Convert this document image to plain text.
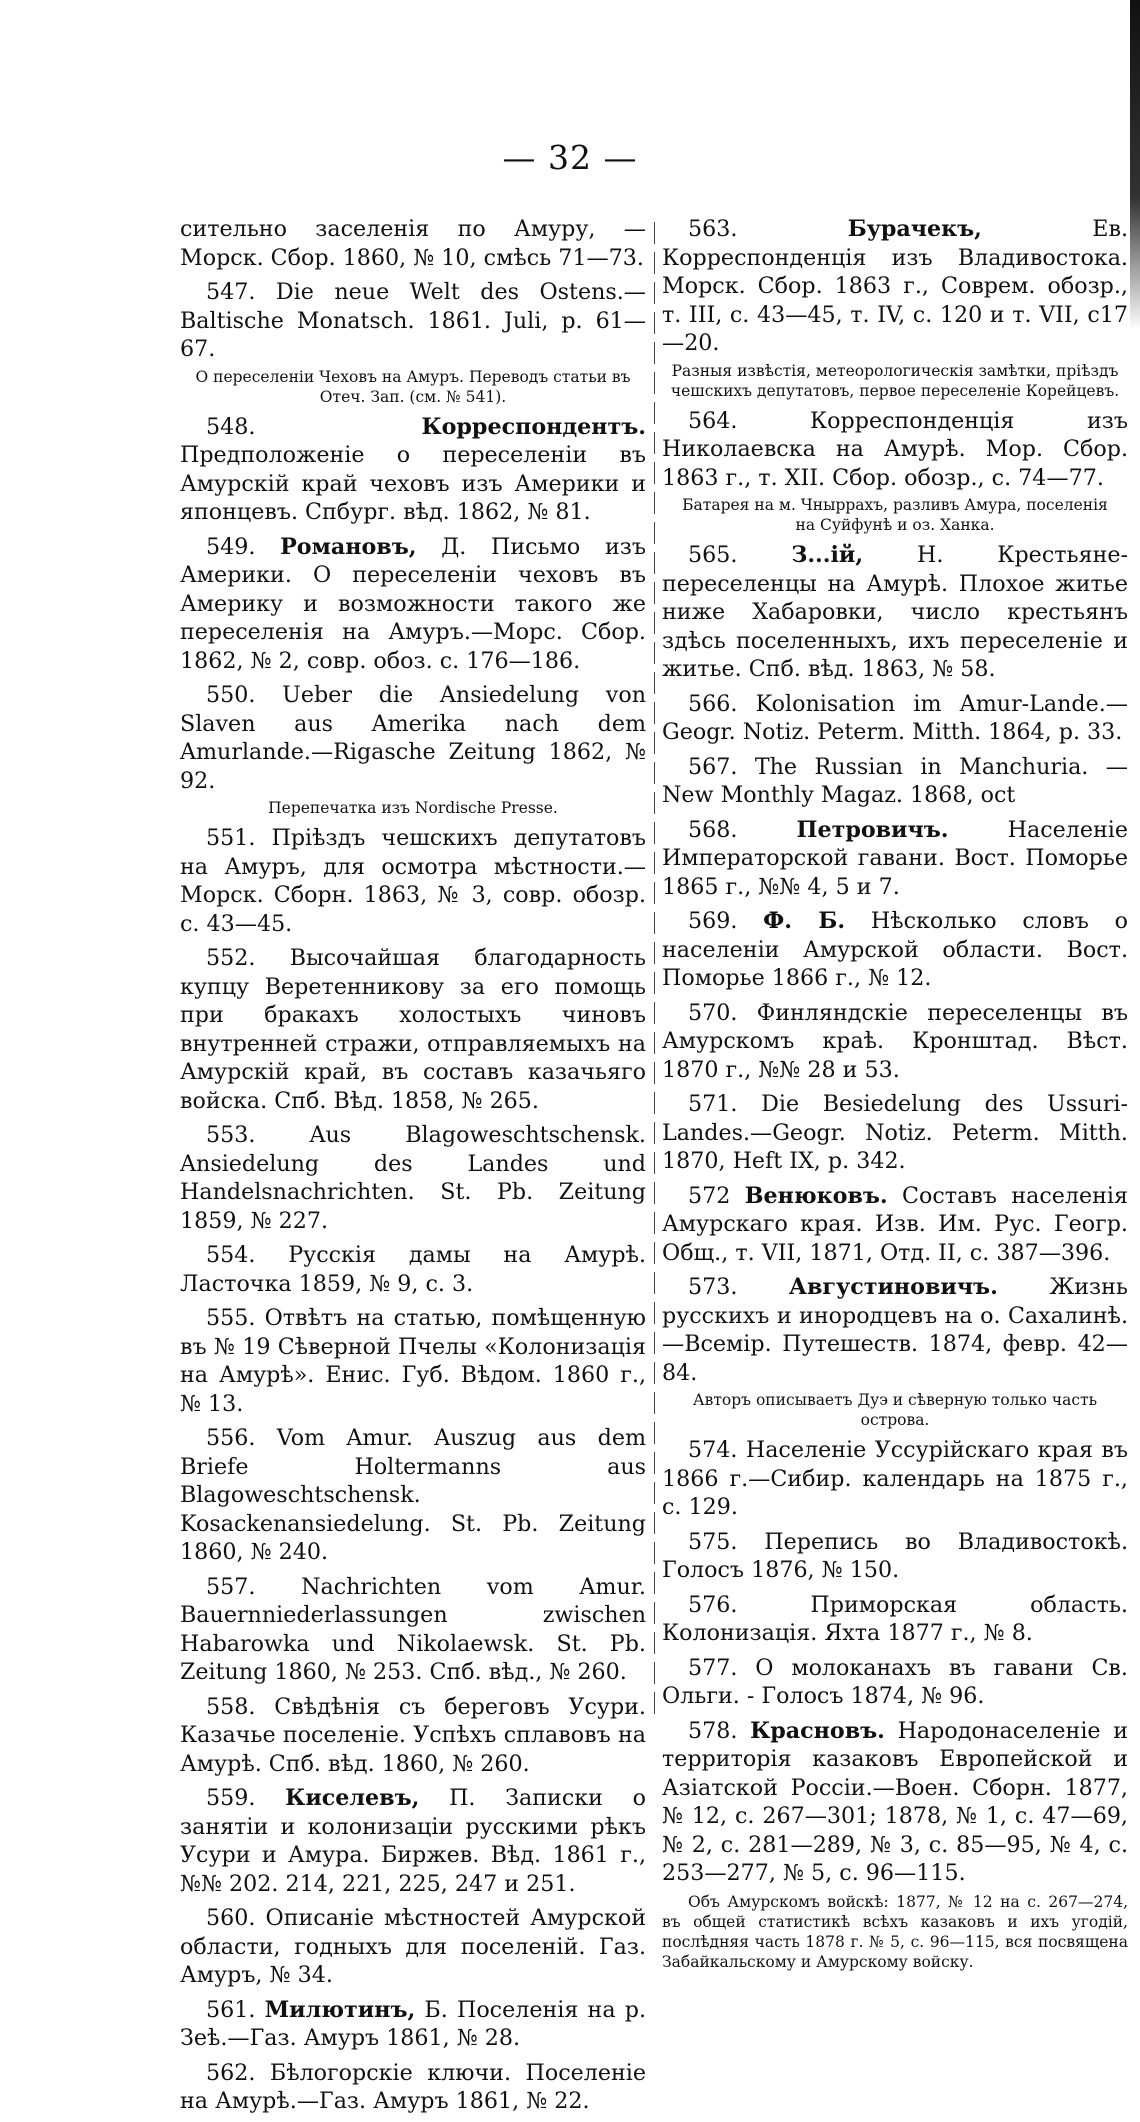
— 32 —

сительно заселенія по Амуру, — Морск. Сбор. 1860, № 10, смѣсь 71—73.

547. Die neue Welt des Ostens.—Baltische Monatsch. 1861. Juli, p. 61—67.

О переселеніи Чеховъ на Амуръ. Переводъ статьи въ Отеч. Зап. (см. № 541).

548.	Корреспондентъ. Предположеніе о переселеніи въ Амурскій край чеховъ изъ Америки и японцевъ. Спбург. вѣд. 1862, № 81.

549. Романовъ, Д. Письмо изъ Америки. О переселеніи чеховъ въ Америку и возможности такого же переселенія на Амуръ.—Морс. Сбор. 1862, № 2, совр. обоз. с. 176—186.

550. Ueber die Ansiedelung von Slaven aus Amerika nach dem Amurlande.—Rigasche Zeitung 1862, № 92.

Перепечатка изъ Nordische Presse.

551. Пріѣздъ чешскихъ депутатовъ на Амуръ, для осмотра мѣстности.—Морск. Сборн. 1863, № 3, совр. обозр. с. 43—45.

552. Высочайшая благодарность купцу Веретенникову за его помощь при бракахъ холостыхъ чиновъ внутренней стражи, отправляемыхъ на Амурскій край, въ составъ казачьяго войска. Спб. Вѣд. 1858, № 265.

553. Aus Blagoweschtschensk. Ansiedelung des Landes und Handelsnachrichten. St. Pb. Zeitung 1859, № 227.

554. Русскія дамы на Амурѣ. Ласточка 1859, № 9, с. 3.

555. Отвѣтъ на статью, помѣщенную въ № 19 Сѣверной Пчелы «Колонизація на Амурѣ». Енис. Губ. Вѣдом. 1860 г., № 13.

556. Vom Amur. Auszug aus dem Briefe Holtermanns aus Blagoweschtschensk. Kosackenansiedelung. St. Pb. Zeitung 1860, № 240.

557. Nachrichten vom Amur. Bauernniederlassungen zwischen Habarowka und Nikolaewsk. St. Pb. Zeitung 1860, № 253. Спб. вѣд., № 260.

558. Свѣдѣнія съ береговъ Усури. Казачье поселеніе. Успѣхъ сплавовъ на Амурѣ. Спб. вѣд. 1860, № 260.

559. Киселевъ, П. Записки о занятіи и колонизаціи русскими рѣкъ Усури и Амура. Биржев. Вѣд. 1861 г., №№ 202. 214, 221, 225, 247 и 251.

560. Описаніе мѣстностей Амурской области, годныхъ для поселеній. Газ. Амуръ, № 34.

561. Милютинъ, Б. Поселенія на р. Зеѣ.—Газ. Амуръ 1861, № 28.

562. Бѣлогорскіе ключи. Поселеніе на Амурѣ.—Газ. Амуръ 1861, № 22.

563.	Бурачекъ,	Ев. Корреспонденція изъ Владивостока. Морск. Сбор. 1863 г., Соврем. обозр., т. III, с. 43—45, т. IV, с. 120 и т. VII, с17—20.

Разныя извѣстія, метеорологическія замѣтки, пріѣздъ чешскихъ депутатовъ, первое переселеніе Корейцевъ.

564.	Корреспонденція изъ Николаевска на Амурѣ. Мор. Сбор. 1863 г., т. XII. Сбор. обозр., с. 74—77.

Батарея на м. Чныррахъ, разливъ Амура, поселенія на Суйфунѣ и оз. Ханка.

565. З...ій, Н. Крестьяне-переселенцы на Амурѣ. Плохое житье ниже Хабаровки, число крестьянъ здѣсь поселенныхъ, ихъ переселеніе и житье. Спб. вѣд. 1863, № 58.

566. Kolonisation im Amur-Lande.—Geogr. Notiz. Peterm. Mitth. 1864, p. 33.

567. The Russian in Manchuria. — New Monthly Magaz. 1868, oct

568.	Петровичъ.	Населеніе Императорской гавани. Вост. Поморье 1865 г., №№ 4, 5 и 7.

569. Ф. Б. Нѣсколько словъ о населеніи Амурской области. Вост. Поморье 1866 г., № 12.

570. Финляндскіе переселенцы въ Амурскомъ краѣ. Кронштад. Вѣст. 1870 г., №№ 28 и 53.

571. Die Besiedelung des Ussuri-Landes.—Geogr. Notiz. Peterm. Mitth. 1870, Heft IX, p. 342.

572 Венюковъ. Составъ населенія Амурскаго края. Изв. Им. Рус. Геогр. Общ., т. VII, 1871, Отд. II, с. 387—396.

573. Августиновичъ. Жизнь русскихъ и инородцевъ на о. Сахалинѣ.—Всеміp. Путешеств. 1874, февр. 42—84.

Авторъ описываетъ Дуэ и сѣверную только часть острова.

574. Населеніе Уссурійскаго края въ 1866 г.—Сибир. календарь на 1875 г., с. 129.

575. Перепись во Владивостокѣ. Голосъ 1876, № 150.

576.	Приморская область. Колонизація. Яхта 1877 г., № 8.

577. О молоканахъ въ гавани Св. Ольги. - Голосъ 1874, № 96.

578. Красновъ. Народонаселеніе и территорія казаковъ Европейской и Азіатской Россіи.—Воен. Сборн. 1877, № 12, с. 267—301; 1878, № 1, с. 47—69, № 2, с. 281—289, № 3, с. 85—95, № 4, с. 253—277, № 5, с. 96—115.

Объ Амурскомъ войскѣ: 1877, № 12 на с. 267—274, въ общей статистикѣ всѣхъ казаковъ и ихъ угодій, послѣдняя часть 1878 г. № 5, с. 96—115, вся посвящена Забайкальскому и Амурскому войску.
